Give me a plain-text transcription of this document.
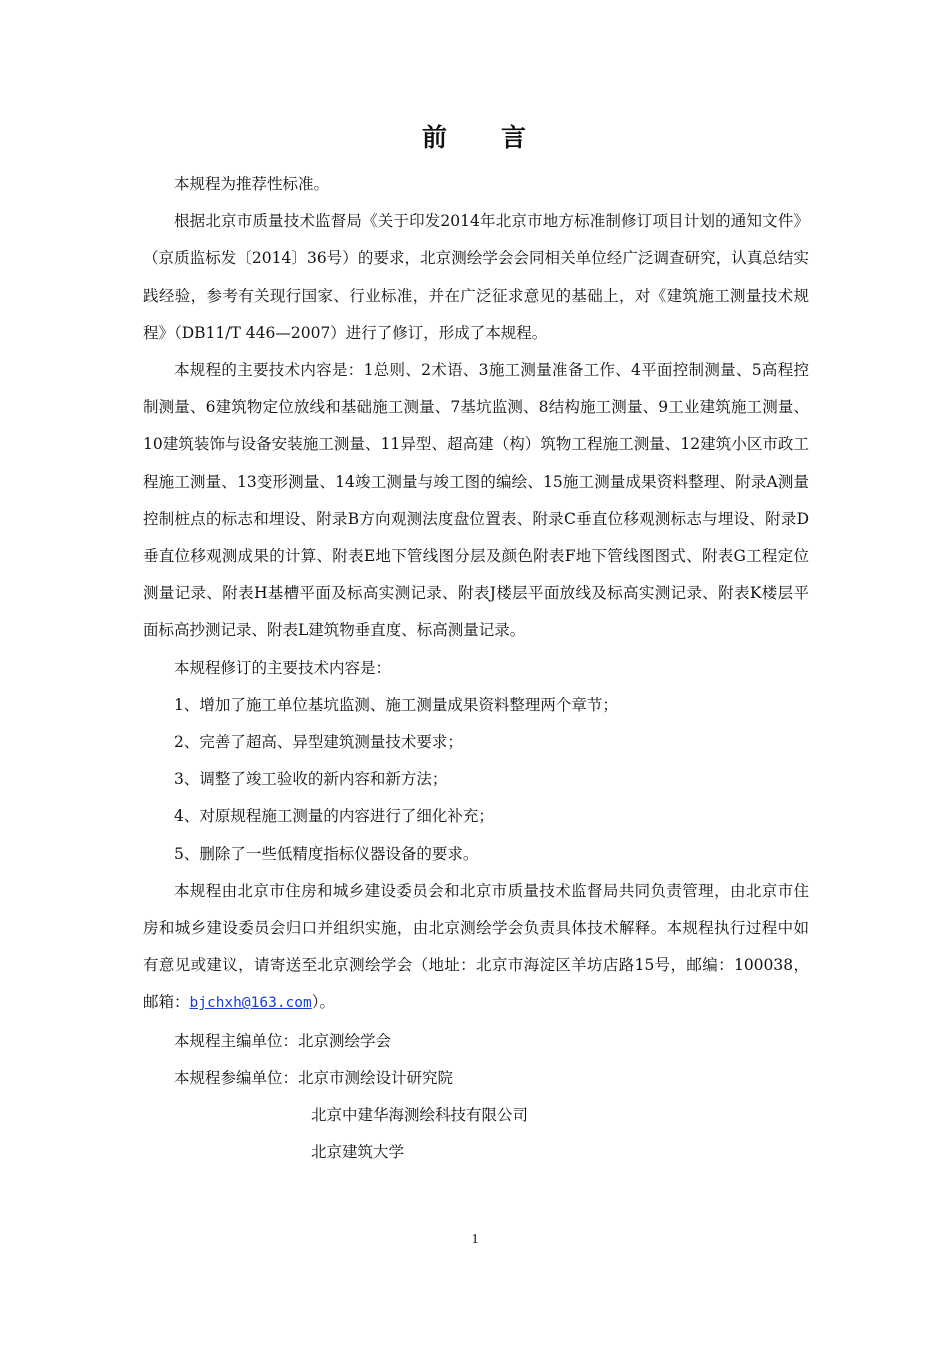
前 言

本规程为推荐性标准。

根据北京市质量技术监督局《关于印发2014年北京市地方标准制修订项目计划的通知文件》（京质监标发〔2014〕36号）的要求，北京测绘学会会同相关单位经广泛调查研究，认真总结实践经验，参考有关现行国家、行业标准，并在广泛征求意见的基础上，对《建筑施工测量技术规程》（DB11/T 446—2007）进行了修订，形成了本规程。

本规程的主要技术内容是：1总则、2术语、3施工测量准备工作、4平面控制测量、5高程控制测量、6建筑物定位放线和基础施工测量、7基坑监测、8结构施工测量、9工业建筑施工测量、10建筑装饰与设备安装施工测量、11异型、超高建（构）筑物工程施工测量、12建筑小区市政工程施工测量、13变形测量、14竣工测量与竣工图的编绘、15施工测量成果资料整理、附录A测量控制桩点的标志和埋设、附录B方向观测法度盘位置表、附录C垂直位移观测标志与埋设、附录D垂直位移观测成果的计算、附表E地下管线图分层及颜色附表F地下管线图图式、附表G工程定位测量记录、附表H基槽平面及标高实测记录、附表J楼层平面放线及标高实测记录、附表K楼层平面标高抄测记录、附表L建筑物垂直度、标高测量记录。

本规程修订的主要技术内容是：

1、增加了施工单位基坑监测、施工测量成果资料整理两个章节；

2、完善了超高、异型建筑测量技术要求；

3、调整了竣工验收的新内容和新方法；

4、对原规程施工测量的内容进行了细化补充；

5、删除了一些低精度指标仪器设备的要求。

本规程由北京市住房和城乡建设委员会和北京市质量技术监督局共同负责管理，由北京市住房和城乡建设委员会归口并组织实施，由北京测绘学会负责具体技术解释。本规程执行过程中如有意见或建议，请寄送至北京测绘学会（地址：北京市海淀区羊坊店路15号，邮编：100038，邮箱：bjchxh@163.com）。

本规程主编单位：北京测绘学会

本规程参编单位：北京市测绘设计研究院

北京中建华海测绘科技有限公司

北京建筑大学

1
